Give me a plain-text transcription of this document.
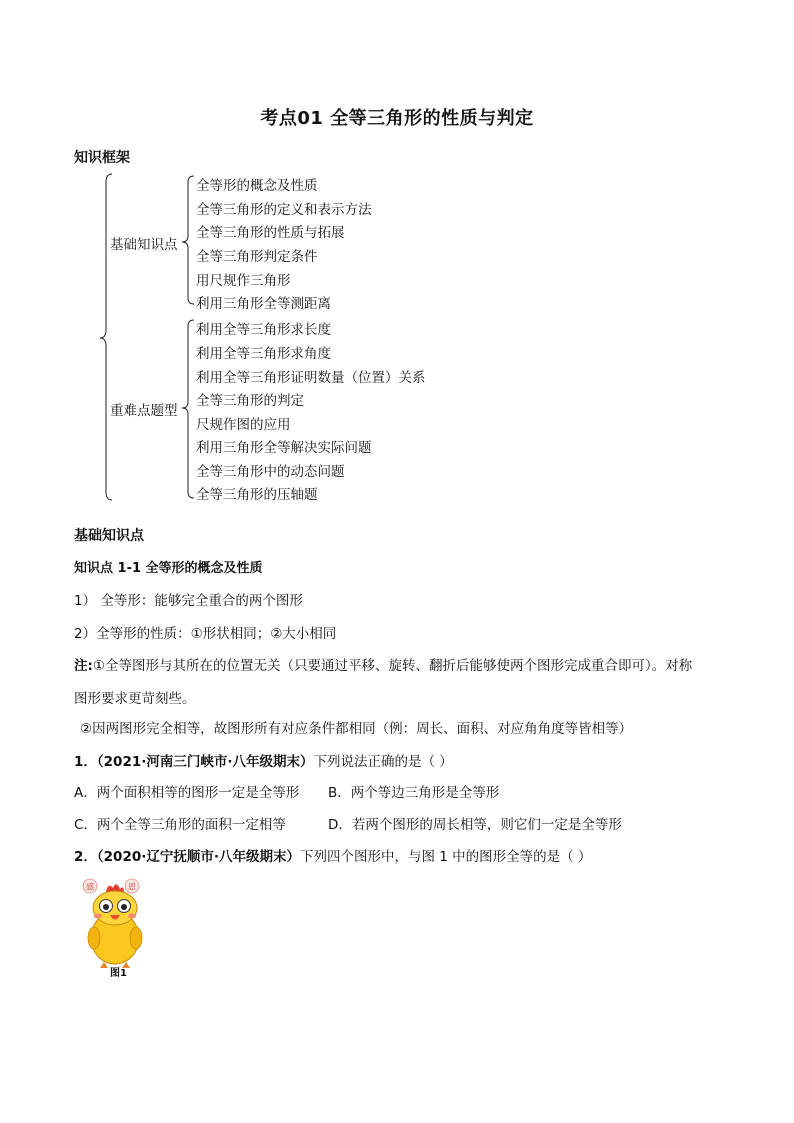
考点01 全等三角形的性质与判定
知识框架
基础知识点
重难点题型
全等形的概念及性质
全等三角形的定义和表示方法
全等三角形的性质与拓展
全等三角形判定条件
用尺规作三角形
利用三角形全等测距离
利用全等三角形求长度
利用全等三角形求角度
利用全等三角形证明数量（位置）关系
全等三角形的判定
尺规作图的应用
利用三角形全等解决实际问题
全等三角形中的动态问题
全等三角形的压轴题
基础知识点
知识点 1-1 全等形的概念及性质
1） 全等形：能够完全重合的两个图形
2）全等形的性质：①形状相同；②大小相同
注:①全等图形与其所在的位置无关（只要通过平移、旋转、翻折后能够使两个图形完成重合即可）。对称
图形要求更苛刻些。
②因两图形完全相等，故图形所有对应条件都相同（例：周长、面积、对应角角度等皆相等）
1．（2021·河南三门峡市·八年级期末）下列说法正确的是（ ）
A．两个面积相等的图形一定是全等形 B．两个等边三角形是全等形
C．两个全等三角形的面积一定相等	D．若两个图形的周长相等，则它们一定是全等形
2．（2020·辽宁抚顺市·八年级期末）下列四个图形中，与图 1 中的图形全等的是（ ）
感	恩
图1
